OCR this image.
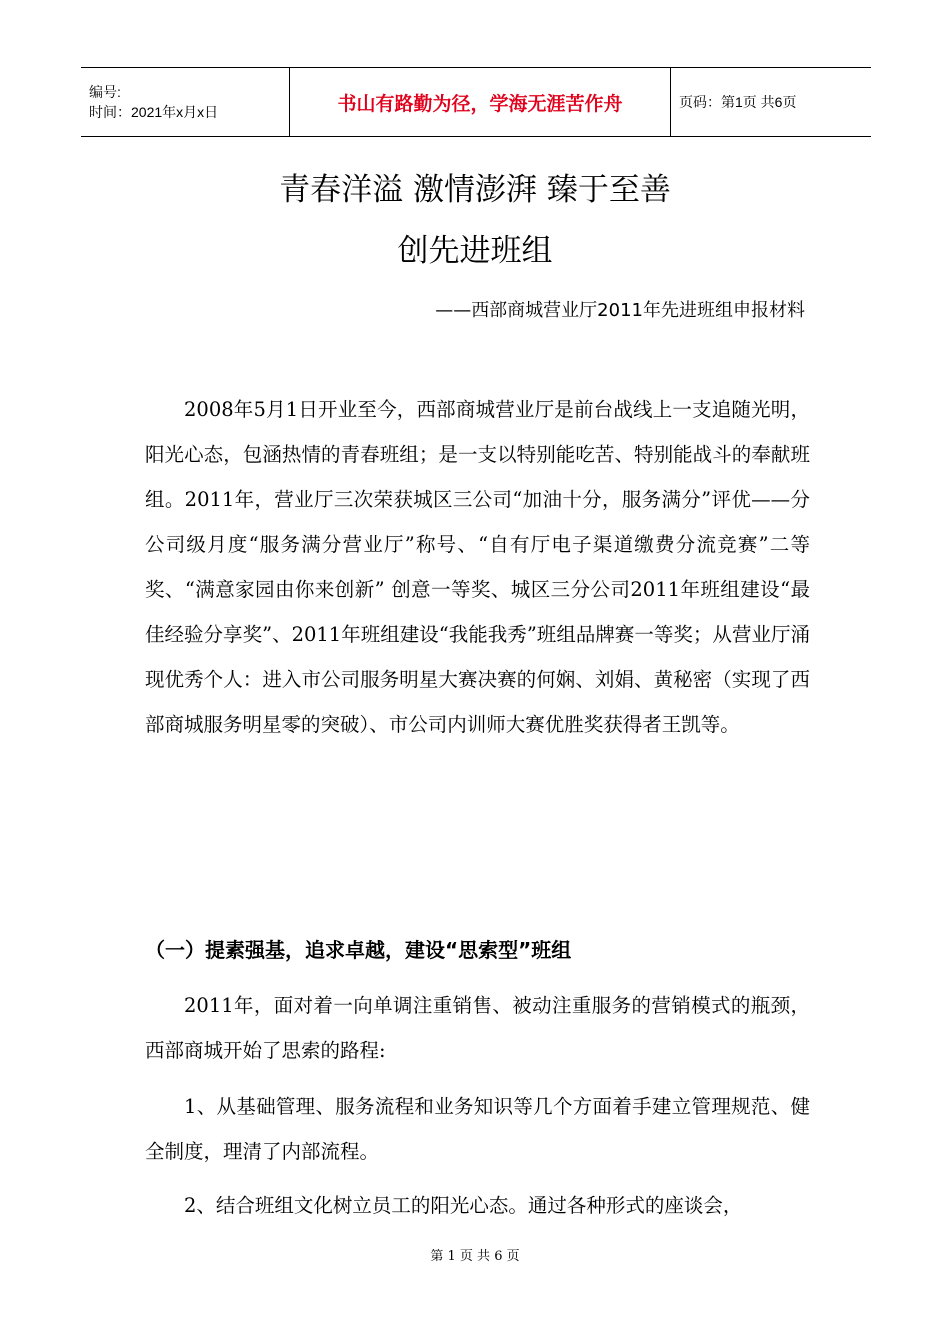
编号:
时间：2021年x月x日	书山有路勤为径，学海无涯苦作舟	页码：第1页 共6页
青春洋溢 激情澎湃 臻于至善
创先进班组
——西部商城营业厅2011年先进班组申报材料

2008年5月1日开业至今，西部商城营业厅是前台战线上一支追随光明，阳光心态，包涵热情的青春班组；是一支以特别能吃苦、特别能战斗的奉献班组。2011年，营业厅三次荣获城区三公司“加油十分，服务满分”评优——分公司级月度“服务满分营业厅”称号、“自有厅电子渠道缴费分流竞赛”二等奖、“满意家园由你来创新” 创意一等奖、城区三分公司2011年班组建设“最佳经验分享奖”、2011年班组建设“我能我秀”班组品牌赛一等奖；从营业厅涌现优秀个人：进入市公司服务明星大赛决赛的何娴、刘娟、黄秘密（实现了西部商城服务明星零的突破）、市公司内训师大赛优胜奖获得者王凯等。

（一）提素强基，追求卓越，建设“思索型”班组

2011年，面对着一向单调注重销售、被动注重服务的营销模式的瓶颈，西部商城开始了思索的路程:

1、从基础管理、服务流程和业务知识等几个方面着手建立管理规范、健全制度，理清了内部流程。

2、结合班组文化树立员工的阳光心态。通过各种形式的座谈会，

第 1 页 共 6 页
